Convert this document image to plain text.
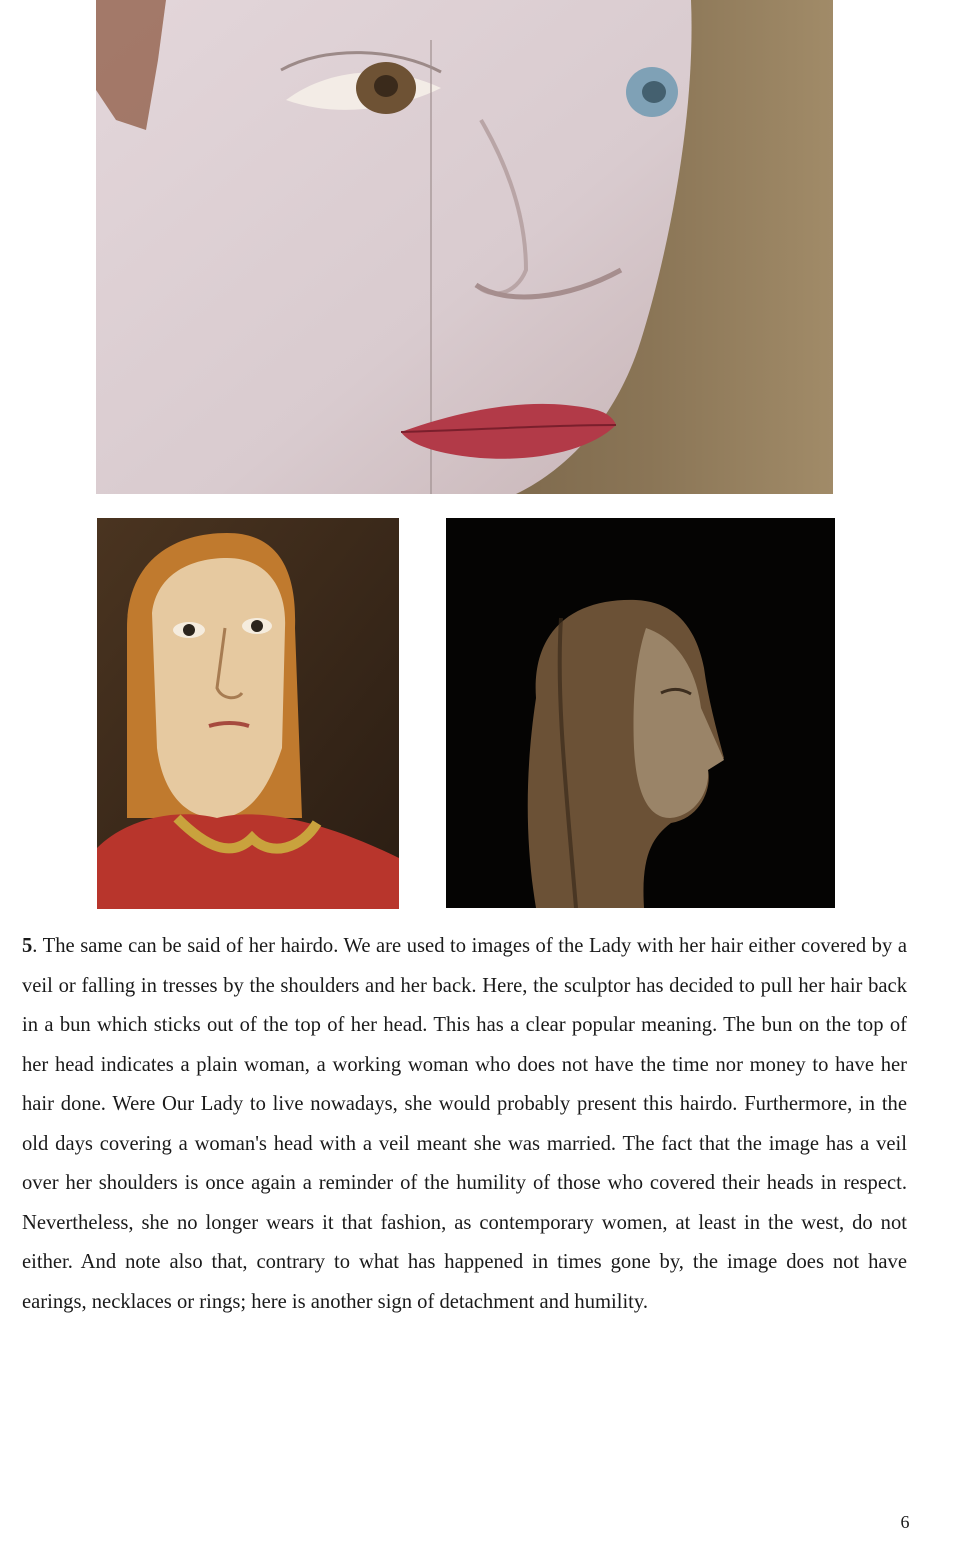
5. The same can be said of her hairdo. We are used to images of the Lady with her hair either covered by a veil or falling in tresses by the shoulders and her back. Here, the sculptor has decided to pull her hair back in a bun which sticks out of the top of her head. This has a clear popular meaning. The bun on the top of her head indicates a plain woman, a working woman who does not have the time nor money to have her hair done. Were Our Lady to live nowadays, she would probably present this hairdo. Furthermore, in the old days covering a woman's head with a veil meant she was married. The fact that the image has a veil over her shoulders is once again a reminder of the humility of those who covered their heads in respect. Nevertheless, she no longer wears it that fashion, as contemporary women, at least in the west, do not either. And note also that, contrary to what has happened in times gone by, the image does not have earings, necklaces or rings; here is another sign of detachment and humility.

6
